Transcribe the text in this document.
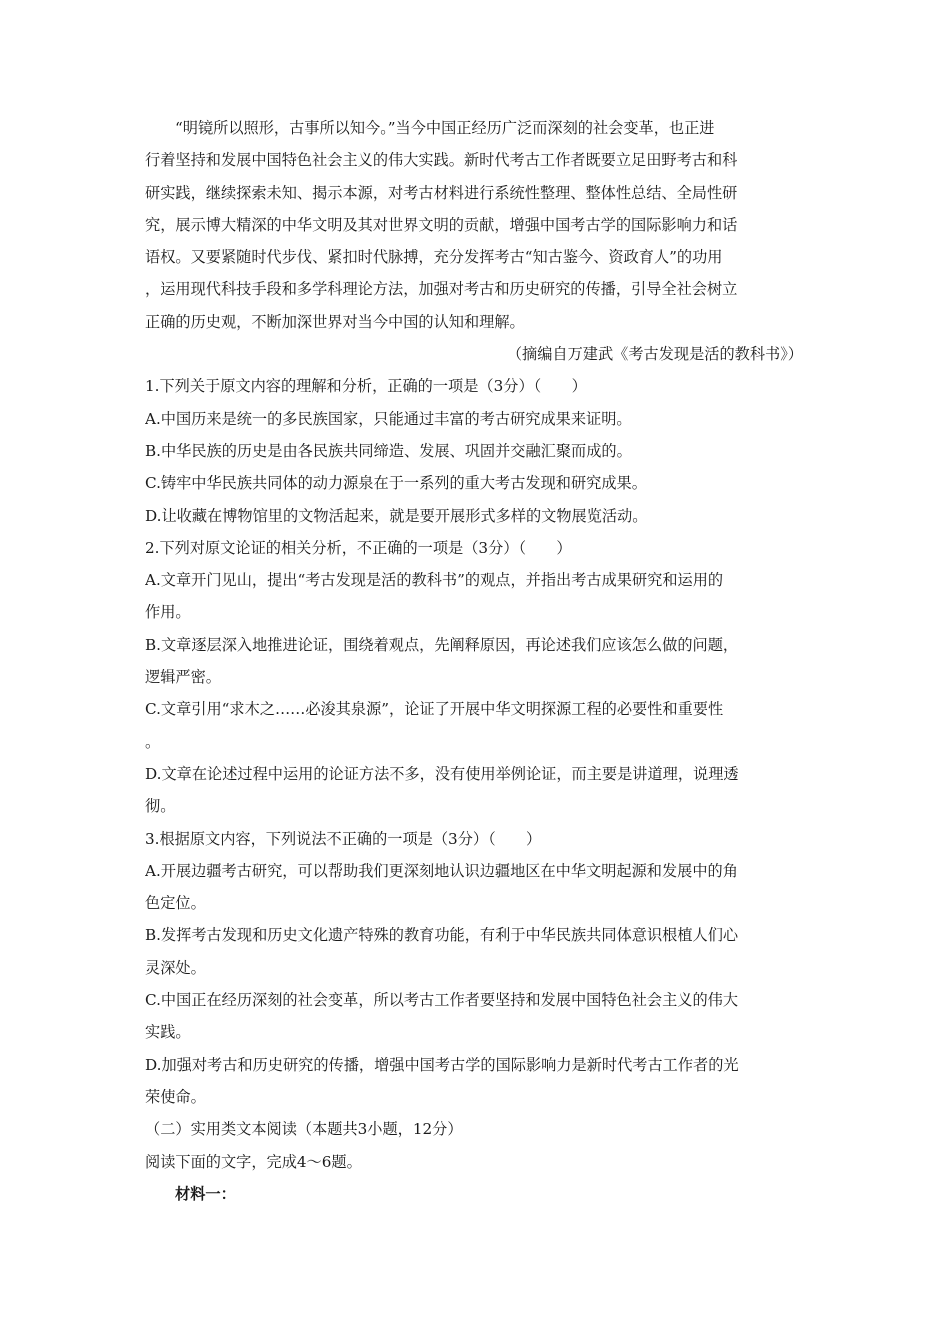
“明镜所以照形，古事所以知今。”当今中国正经历广泛而深刻的社会变革，也正进
行着坚持和发展中国特色社会主义的伟大实践。新时代考古工作者既要立足田野考古和科
研实践，继续探索未知、揭示本源，对考古材料进行系统性整理、整体性总结、全局性研
究，展示博大精深的中华文明及其对世界文明的贡献，增强中国考古学的国际影响力和话
语权。又要紧随时代步伐、紧扣时代脉搏，充分发挥考古“知古鉴今、资政育人”的功用
，运用现代科技手段和多学科理论方法，加强对考古和历史研究的传播，引导全社会树立
正确的历史观，不断加深世界对当今中国的认知和理解。
（摘编自万建武《考古发现是活的教科书》）
1.下列关于原文内容的理解和分析，正确的一项是（3分）（　　）
A.中国历来是统一的多民族国家，只能通过丰富的考古研究成果来证明。
B.中华民族的历史是由各民族共同缔造、发展、巩固并交融汇聚而成的。
C.铸牢中华民族共同体的动力源泉在于一系列的重大考古发现和研究成果。
D.让收藏在博物馆里的文物活起来，就是要开展形式多样的文物展览活动。
2.下列对原文论证的相关分析，不正确的一项是（3分）（　　）
A.文章开门见山，提出“考古发现是活的教科书”的观点，并指出考古成果研究和运用的
作用。
B.文章逐层深入地推进论证，围绕着观点，先阐释原因，再论述我们应该怎么做的问题，
逻辑严密。
C.文章引用“求木之……必浚其泉源”，论证了开展中华文明探源工程的必要性和重要性
。
D.文章在论述过程中运用的论证方法不多，没有使用举例论证，而主要是讲道理，说理透
彻。
3.根据原文内容，下列说法不正确的一项是（3分）（　　）
A.开展边疆考古研究，可以帮助我们更深刻地认识边疆地区在中华文明起源和发展中的角
色定位。
B.发挥考古发现和历史文化遗产特殊的教育功能，有利于中华民族共同体意识根植人们心
灵深处。
C.中国正在经历深刻的社会变革，所以考古工作者要坚持和发展中国特色社会主义的伟大
实践。
D.加强对考古和历史研究的传播，增强中国考古学的国际影响力是新时代考古工作者的光
荣使命。
（二）实用类文本阅读（本题共3小题，12分）
阅读下面的文字，完成4～6题。
材料一：
